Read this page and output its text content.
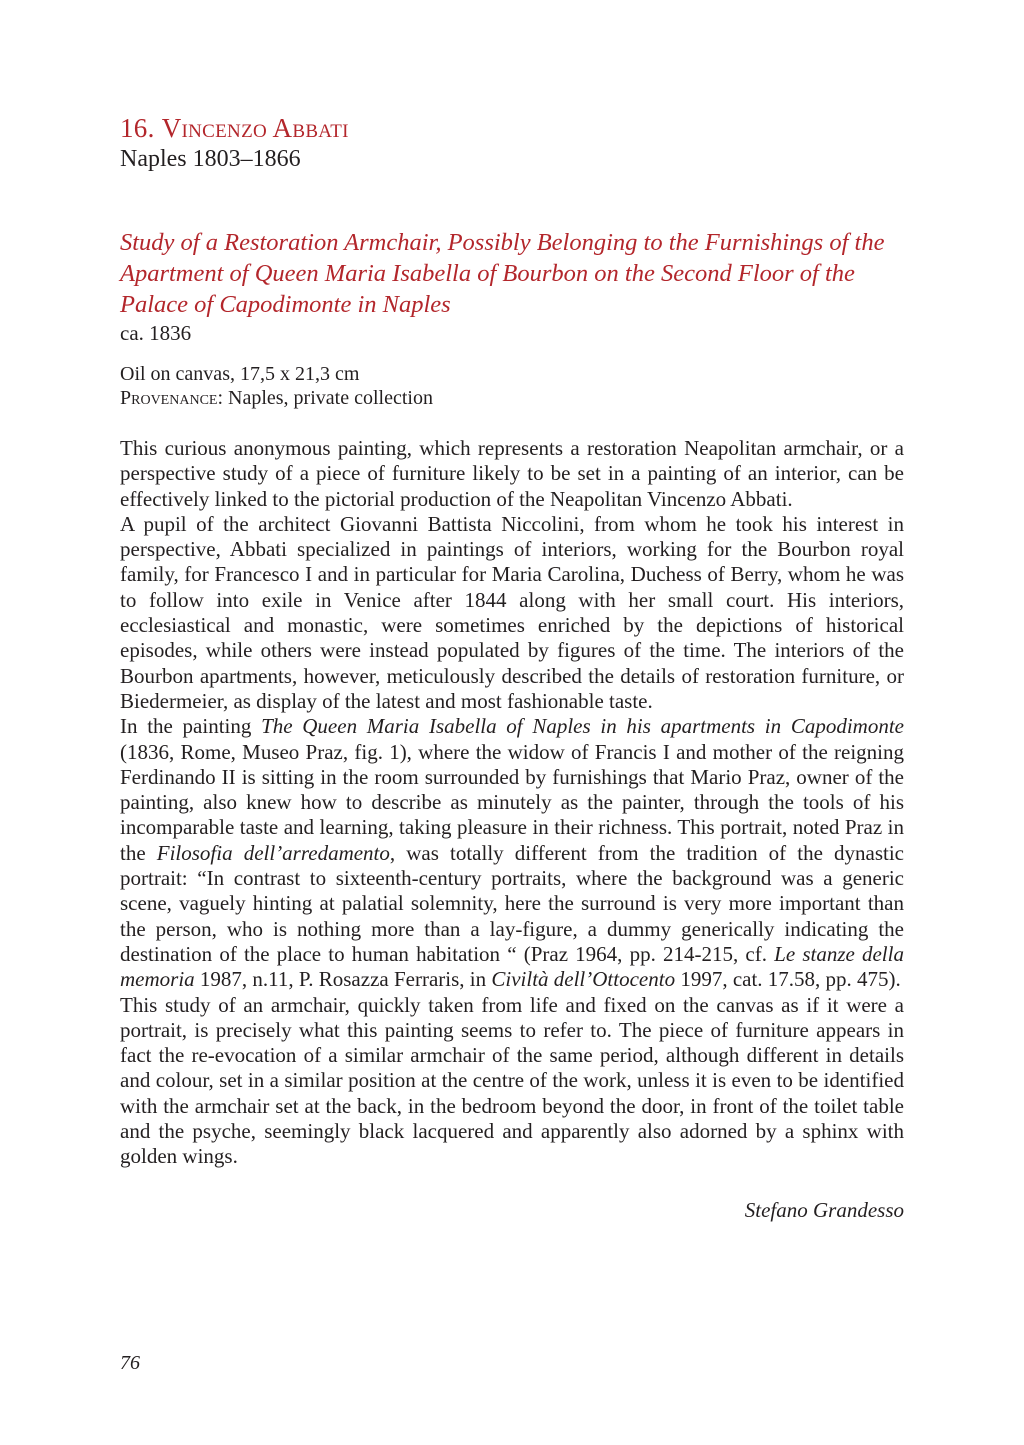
16. Vincenzo Abbati

Naples 1803–1866

Study of a Restoration Armchair, Possibly Belonging to the Furnishings of the Apartment of Queen Maria Isabella of Bourbon on the Second Floor of the Palace of Capodimonte in Naples

ca. 1836

Oil on canvas, 17,5 x 21,3 cm
Provenance: Naples, private collection

This curious anonymous painting, which represents a restoration Neapolitan armchair, or a perspective study of a piece of furniture likely to be set in a painting of an interior, can be effectively linked to the pictorial production of the Neapolitan Vincenzo Abbati.

A pupil of the architect Giovanni Battista Niccolini, from whom he took his interest in perspective, Abbati specialized in paintings of interiors, working for the Bourbon royal family, for Francesco I and in particular for Maria Carolina, Duchess of Berry, whom he was to follow into exile in Venice after 1844 along with her small court. His interiors, ecclesiastical and monastic, were sometimes enriched by the depictions of historical episodes, while others were instead populated by figures of the time. The interiors of the Bourbon apartments, however, meticulously described the details of restoration furniture, or Biedermeier, as display of the latest and most fashionable taste.

In the painting The Queen Maria Isabella of Naples in his apartments in Capodimonte (1836, Rome, Museo Praz, fig. 1), where the widow of Francis I and mother of the reigning Ferdinando II is sitting in the room surrounded by furnishings that Mario Praz, owner of the painting, also knew how to describe as minutely as the painter, through the tools of his incomparable taste and learning, taking pleasure in their richness. This portrait, noted Praz in the Filosofia dell’arredamento, was totally different from the tradition of the dynastic portrait: “In contrast to sixteenth-century portraits, where the background was a generic scene, vaguely hinting at palatial solemnity, here the surround is very more important than the person, who is nothing more than a lay-figure, a dummy generically indicating the destination of the place to human habitation “ (Praz 1964, pp. 214-215, cf. Le stanze della memoria 1987, n.11, P. Rosazza Ferraris, in Civiltà dell’Ottocento 1997, cat. 17.58, pp. 475).

This study of an armchair, quickly taken from life and fixed on the canvas as if it were a portrait, is precisely what this painting seems to refer to. The piece of furniture appears in fact the re-evocation of a similar armchair of the same period, although different in details and colour, set in a similar position at the centre of the work, unless it is even to be identified with the armchair set at the back, in the bedroom beyond the door, in front of the toilet table and the psyche, seemingly black lacquered and apparently also adorned by a sphinx with golden wings.

Stefano Grandesso
76
